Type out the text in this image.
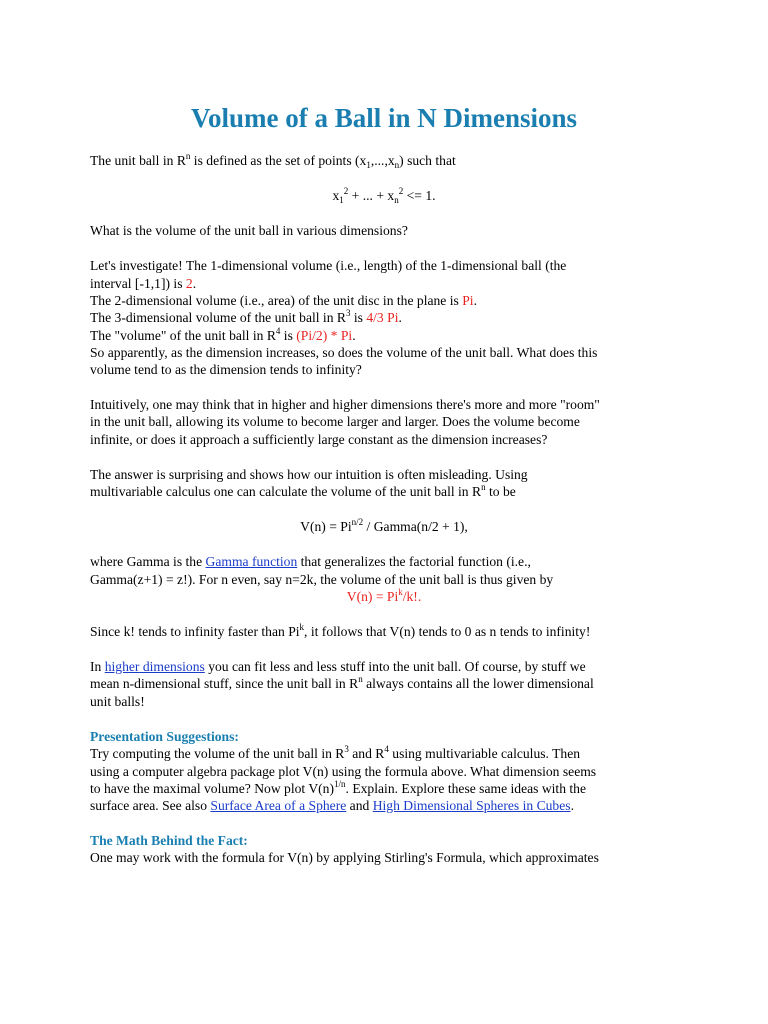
Volume of a Ball in N Dimensions
The unit ball in $R^n$ is defined as the set of points $(x_1,...,x_n)$ such that
$x_1^2$ + ... + $x_n^2 <= 1$.
What is the volume of the unit ball in various dimensions?
Let's investigate! The 1-dimensional volume (i.e., length) of the 1-dimensional ball (the
interval [-1,1]) is 2.
The 2-dimensional volume (i.e., area) of the unit disc in the plane is Pi.
The 3-dimensional volume of the unit ball in $R^3$ is 4/3 Pi.
The "volume" of the unit ball in $R^4$ is (Pi/2) * Pi.
So apparently, as the dimension increases, so does the volume of the unit ball. What does this
volume tend to as the dimension tends to infinity?
Intuitively, one may think that in higher and higher dimensions there's more and more "room"
in the unit ball, allowing its volume to become larger and larger. Does the volume become
infinite, or does it approach a sufficiently large constant as the dimension increases?
The answer is surprising and shows how our intuition is often misleading. Using
multivariable calculus one can calculate the volume of the unit ball in $R^n$ to be
$V(n) = Pi^{n/2}$ / Gamma(n/2 + 1),
where Gamma is the Gamma function that generalizes the factorial function (i.e.,
Gamma(z+1) = z!). For n even, say n=2k, the volume of the unit ball is thus given by
$V(n) = Pi^k/k$!.
Since k! tends to infinity faster than Pi$^k$, it follows that V(n) tends to 0 as n tends to infinity!
In higher dimensions you can fit less and less stuff into the unit ball. Of course, by stuff we
mean n-dimensional stuff, since the unit ball in $R^n$ always contains all the lower dimensional
unit balls!
Presentation Suggestions:
Try computing the volume of the unit ball in $R^3$ and $R^4$ using multivariable calculus. Then
using a computer algebra package plot V(n) using the formula above. What dimension seems
to have the maximal volume? Now plot $V(n)^{1/n}$. Explain. Explore these same ideas with the
surface area. See also Surface Area of a Sphere and High Dimensional Spheres in Cubes.
The Math Behind the Fact:
One may work with the formula for V(n) by applying Stirling's Formula, which approximates
